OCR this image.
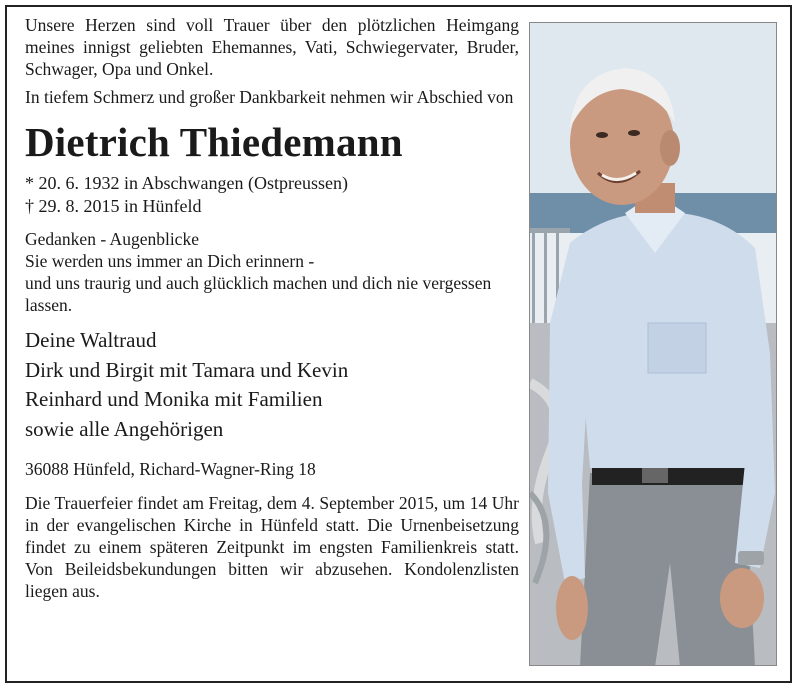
Unsere Herzen sind voll Trauer über den plötzlichen Heimgang meines innigst geliebten Ehemannes, Vati, Schwiegervater, Bruder, Schwager, Opa und Onkel.

In tiefem Schmerz und großer Dankbarkeit nehmen wir Abschied von

Dietrich Thiedemann

* 20. 6. 1932 in Abschwangen (Ostpreussen)

† 29. 8. 2015 in Hünfeld

Gedanken - Augenblicke

Sie werden uns immer an Dich erinnern -

und uns traurig und auch glücklich machen und dich nie vergessen lassen.

Deine Waltraud

Dirk und Birgit mit Tamara und Kevin

Reinhard und Monika mit Familien

sowie alle Angehörigen

36088 Hünfeld, Richard-Wagner-Ring 18

Die Trauerfeier findet am Freitag, dem 4. September 2015, um 14 Uhr in der evangelischen Kirche in Hünfeld statt. Die Urnenbeisetzung findet zu einem späteren Zeitpunkt im engsten Familienkreis statt. Von Beileidsbekundungen bitten wir abzusehen. Kondolenzlisten liegen aus.
